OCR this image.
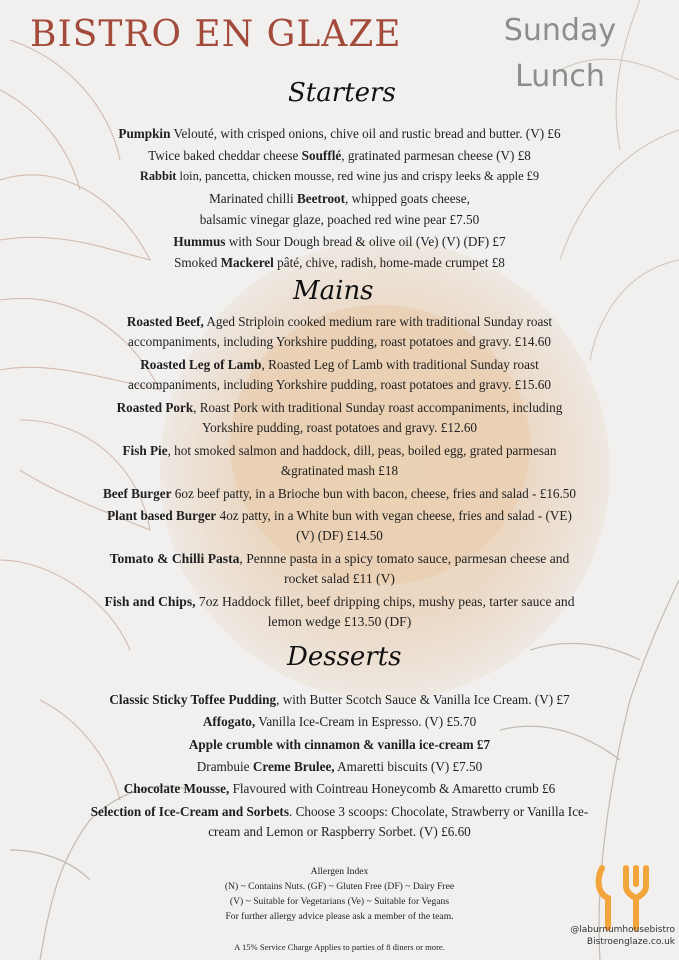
BISTRO EN GLAZE	Sunday
Lunch
Starters
Pumpkin Velouté, with crisped onions, chive oil and rustic bread and butter. (V) £6
Twice baked cheddar cheese Soufflé, gratinated parmesan cheese (V) £8
Rabbit loin, pancetta, chicken mousse, red wine jus and crispy leeks & apple £9
Marinated chilli Beetroot, whipped goats cheese,
balsamic vinegar glaze, poached red wine pear £7.50
Hummus with Sour Dough bread & olive oil (Ve) (V) (DF) £7
Smoked Mackerel pâté, chive, radish, home-made crumpet £8
Mains
Roasted Beef, Aged Striploin cooked medium rare with traditional Sunday roast
accompaniments, including Yorkshire pudding, roast potatoes and gravy. £14.60
Roasted Leg of Lamb, Roasted Leg of Lamb with traditional Sunday roast
accompaniments, including Yorkshire pudding, roast potatoes and gravy. £15.60
Roasted Pork, Roast Pork with traditional Sunday roast accompaniments, including
Yorkshire pudding, roast potatoes and gravy. £12.60
Fish Pie, hot smoked salmon and haddock, dill, peas, boiled egg, grated parmesan
&gratinated mash £18
Beef Burger 6oz beef patty, in a Brioche bun with bacon, cheese, fries and salad - £16.50
Plant based Burger 4oz patty, in a White bun with vegan cheese, fries and salad - (VE)
(V) (DF) £14.50
Tomato & Chilli Pasta, Pennne pasta in a spicy tomato sauce, parmesan cheese and
rocket salad £11 (V)
Fish and Chips, 7oz Haddock fillet, beef dripping chips, mushy peas, tarter sauce and
lemon wedge £13.50 (DF)
Desserts
Classic Sticky Toffee Pudding, with Butter Scotch Sauce & Vanilla Ice Cream. (V) £7
Affogato, Vanilla Ice-Cream in Espresso. (V) £5.70
Apple crumble with cinnamon & vanilla ice-cream £7
Drambuie Creme Brulee, Amaretti biscuits (V) £7.50
Chocolate Mousse, Flavoured with Cointreau Honeycomb & Amaretto crumb £6
Selection of Ice-Cream and Sorbets. Choose 3 scoops: Chocolate, Strawberry or Vanilla Ice-
cream and Lemon or Raspberry Sorbet. (V) £6.60
Allergen Index
(N) ~ Contains Nuts. (GF) ~ Gluten Free (DF) ~ Dairy Free
(V) ~ Suitable for Vegetarians (Ve) ~ Suitable for Vegans
For further allergy advice please ask a member of the team.
A 15% Service Charge Applies to parties of 8 diners or more.
@laburnumhousebistro
Bistroenglaze.co.uk
